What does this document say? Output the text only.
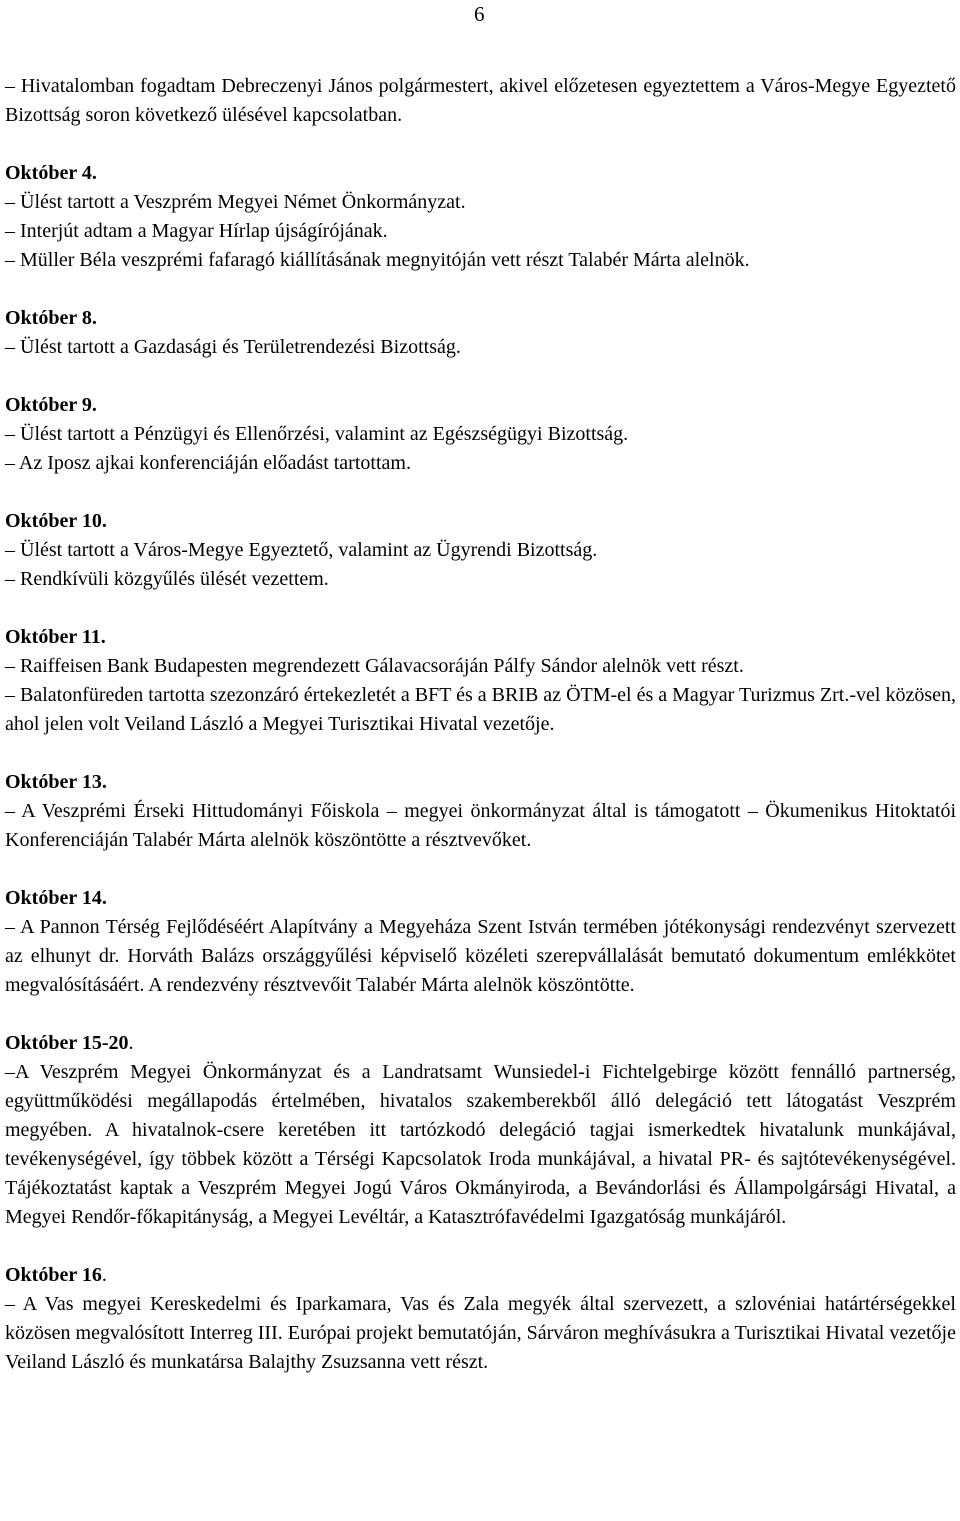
6

– Hivatalomban fogadtam Debreczenyi János polgármestert, akivel előzetesen egyeztettem a Város-Megye Egyeztető Bizottság soron következő ülésével kapcsolatban.

Október 4.

– Ülést tartott a Veszprém Megyei Német Önkormányzat.

– Interjút adtam a Magyar Hírlap újságírójának.

– Müller Béla veszprémi fafaragó kiállításának megnyitóján vett részt Talabér Márta alelnök.

Október 8.

– Ülést tartott a Gazdasági és Területrendezési Bizottság.

Október 9.

– Ülést tartott a Pénzügyi és Ellenőrzési, valamint az Egészségügyi Bizottság.

– Az Iposz ajkai konferenciáján előadást tartottam.

Október 10.

– Ülést tartott a Város-Megye Egyeztető, valamint az Ügyrendi Bizottság.

– Rendkívüli közgyűlés ülését vezettem.

Október 11.

– Raiffeisen Bank Budapesten megrendezett Gálavacsoráján Pálfy Sándor alelnök vett részt.

– Balatonfüreden tartotta szezonzáró értekezletét a BFT és a BRIB az ÖTM-el és a Magyar Turizmus Zrt.-vel közösen, ahol jelen volt Veiland László a Megyei Turisztikai Hivatal vezetője.

Október 13.

– A Veszprémi Érseki Hittudományi Főiskola – megyei önkormányzat által is támogatott – Ökumenikus Hitoktatói Konferenciáján Talabér Márta alelnök köszöntötte a résztvevőket.

Október 14.

– A Pannon Térség Fejlődéséért Alapítvány a Megyeháza Szent István termében jótékonysági rendezvényt szervezett az elhunyt dr. Horváth Balázs országgyűlési képviselő közéleti szerepvállalását bemutató dokumentum emlékkötet megvalósításáért. A rendezvény résztvevőit Talabér Márta alelnök köszöntötte.

Október 15-20.

–A Veszprém Megyei Önkormányzat és a Landratsamt Wunsiedel-i Fichtelgebirge között fennálló partnerség, együttműködési megállapodás értelmében, hivatalos szakemberekből álló delegáció tett látogatást Veszprém megyében. A hivatalnok-csere keretében itt tartózkodó delegáció tagjai ismerkedtek hivatalunk munkájával, tevékenységével, így többek között a Térségi Kapcsolatok Iroda munkájával, a hivatal PR- és sajtótevékenységével. Tájékoztatást kaptak a Veszprém Megyei Jogú Város Okmányiroda, a Bevándorlási és Állampolgársági Hivatal, a Megyei Rendőr-főkapitányság, a Megyei Levéltár, a Katasztrófavédelmi Igazgatóság munkájáról.

Október 16.

– A Vas megyei Kereskedelmi és Iparkamara, Vas és Zala megyék által szervezett, a szlovéniai határtérségekkel közösen megvalósított Interreg III. Európai projekt bemutatóján, Sárváron meghívásukra a Turisztikai Hivatal vezetője Veiland László és munkatársa Balajthy Zsuzsanna vett részt.
